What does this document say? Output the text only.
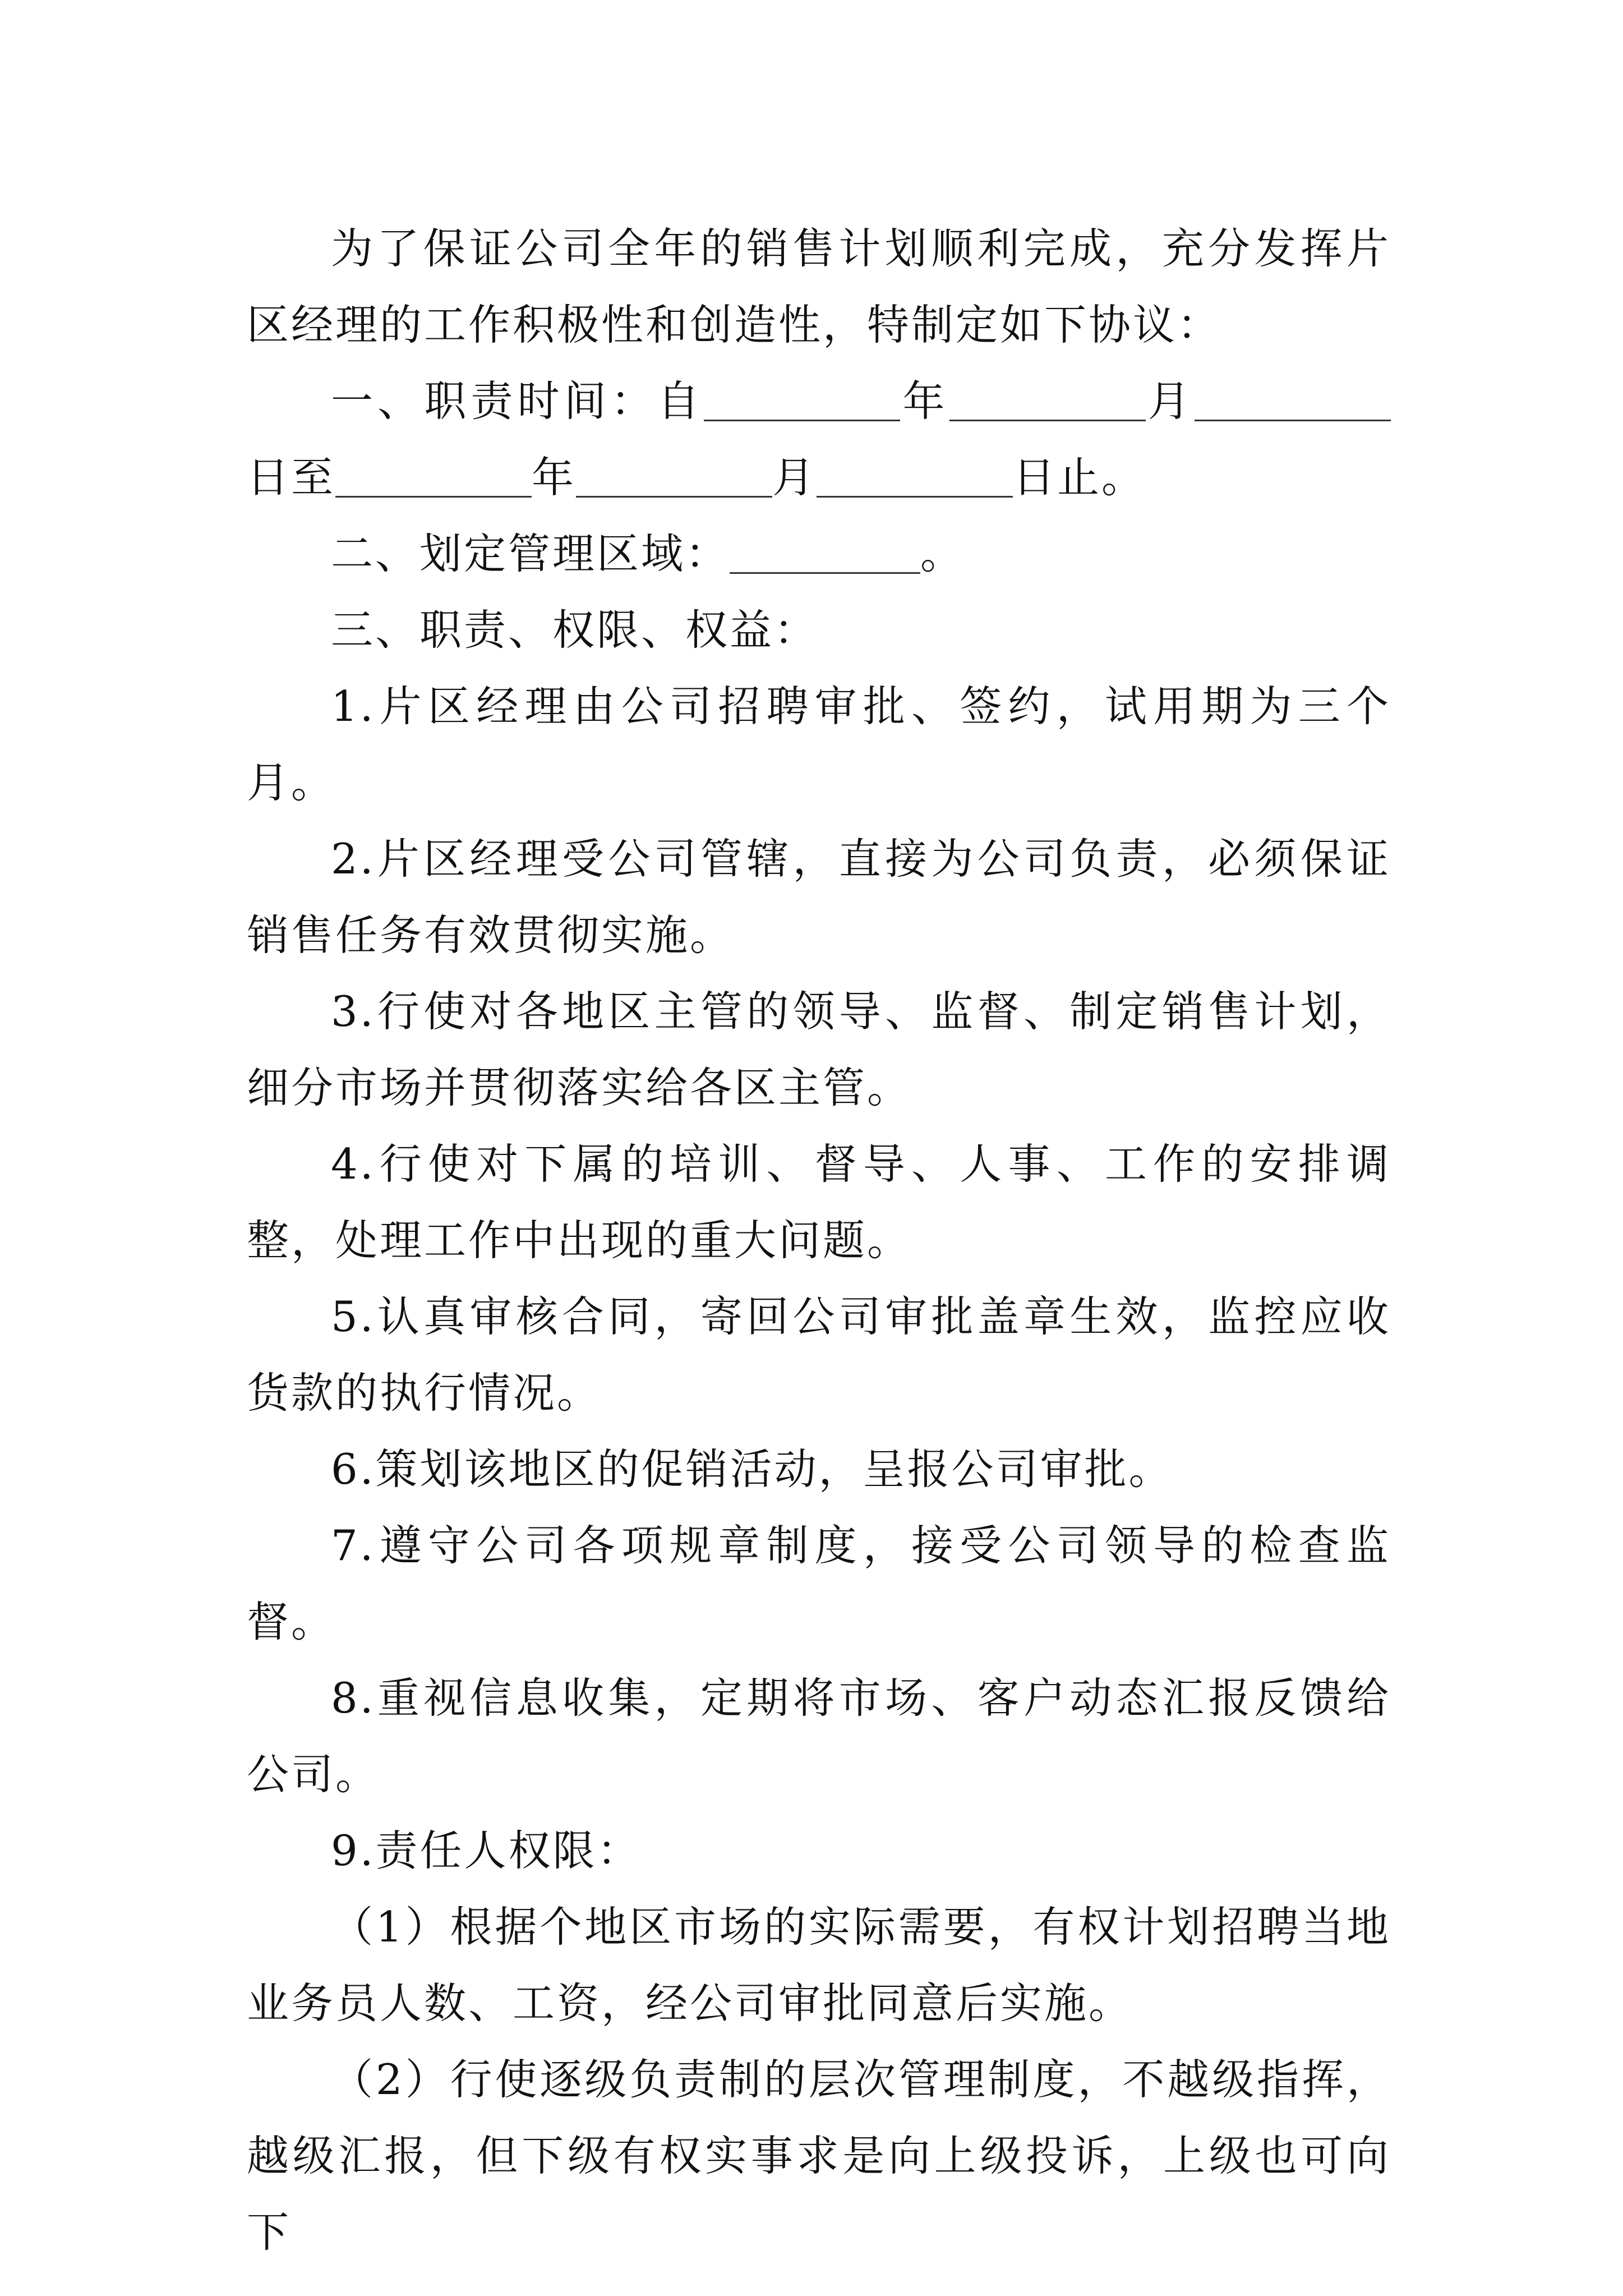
为了保证公司全年的销售计划顺利完成，充分发挥片区经理的工作积极性和创造性，特制定如下协议：

一、职责时间：自	年	月日至	年	月	日止。

二、划定管理区域：	。

三、职责、权限、权益：

1.片区经理由公司招聘审批、签约，试用期为三个月。

2.片区经理受公司管辖，直接为公司负责，必须保证销售任务有效贯彻实施。

3.行使对各地区主管的领导、监督、制定销售计划，细分市场并贯彻落实给各区主管。

4.行使对下属的培训、督导、人事、工作的安排调整，处理工作中出现的重大问题。

5.认真审核合同，寄回公司审批盖章生效，监控应收货款的执行情况。

6.策划该地区的促销活动，呈报公司审批。

7.遵守公司各项规章制度，接受公司领导的检查监督。

8.重视信息收集，定期将市场、客户动态汇报反馈给公司。

9.责任人权限：

（1）根据个地区市场的实际需要，有权计划招聘当地业务员人数、工资，经公司审批同意后实施。

（2）行使逐级负责制的层次管理制度，不越级指挥，越级汇报，但下级有权实事求是向上级投诉，上级也可向下
